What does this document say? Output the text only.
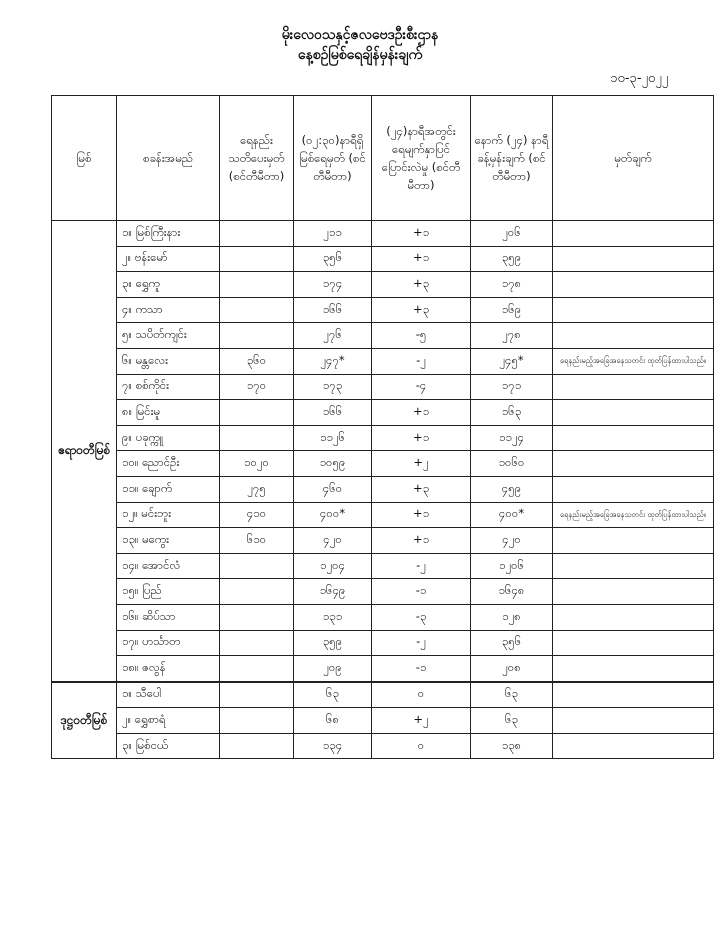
မိုးလေဝသနှင့်ဇလဗေဒဦးစီးဌာန
နေ့စဉ်မြစ်ရေချိန်မှန်းချက်
၁၀-၃-၂၀၂၂
မြစ်	စခန်းအမည်	ရေနည်း သတိပေးမှတ် (စင်တီမီတာ)	(၀၂:၃၀)နာရီရှိ မြစ်ရေမှတ် (စင်တီမီတာ)	(၂၄)နာရီအတွင်း ရေမျက်နှာပြင် ပြောင်းလဲမှု (စင်တီမီတာ)	နောက် (၂၄) နာရီ ခန့်မှန်းချက် (စင်တီမီတာ)	မှတ်ချက်
ဧရာဝတီမြစ်	၁။ မြစ်ကြီးနား		၂၁၁	+၁	၂၀၆	
	၂။ ဗန်းမော်		၃၅၆	+၁	၃၅၉	
	၃။ ရွှေကူ		၁၇၄	+၃	၁၇၈	
	၄။ ကသာ		၁၆၆	+၃	၁၆၉	
	၅။ သပိတ်ကျင်း		၂၇၆	-၅	၂၇၈	
	၆။ မန္တလေး	၃၆၀	၂၄၇*	-၂	၂၄၅*	ရေနည်းမည့်အခြေအနေသတင်း ထုတ်ပြန်ထားပါသည်။
	၇။ စစ်ကိုင်း	၁၇၀	၁၇၃	-၄	၁၇၁	
	၈။ မြင်းမူ		၁၆၆	+၁	၁၆၃	
	၉။ ပခုက္ကူ		၁၁၂၆	+၁	၁၁၂၄	
	၁၀။ ညောင်ဦး	၁၀၂၀	၁၀၅၉	+၂	၁၀၆၀	
	၁၁။ ချောက်	၂၇၅	၄၆၀	+၃	၄၅၉	
	၁၂။ မင်းဘူး	၄၁၀	၄၀၀*	+၁	၄၀၀*	ရေနည်းမည့်အခြေအနေသတင်း ထုတ်ပြန်ထားပါသည်။
	၁၃။ မကွေး	၆၁၀	၄၂၀	+၁	၄၂၀	
	၁၄။ အောင်လံ		၁၂၀၄	-၂	၁၂၀၆	
	၁၅။ ပြည်		၁၆၄၉	-၁	၁၆၄၈	
	၁၆။ ဆိပ်သာ		၁၃၁	-၃	၁၂၈	
	၁၇။ ဟင်္သာတ		၃၅၉	-၂	၃၅၆	
	၁၈။ ဇလွန်		၂၀၉	-၁	၂၀၈	
ဒုဋ္ဌဝတီမြစ်	၁။ သီပေါ		၆၃	၀	၆၃	
	၂။ ရွှေစာရံ		၆၈	+၂	၆၃	
	၃။ မြစ်ငယ်		၁၃၄	၀	၁၃၈	
